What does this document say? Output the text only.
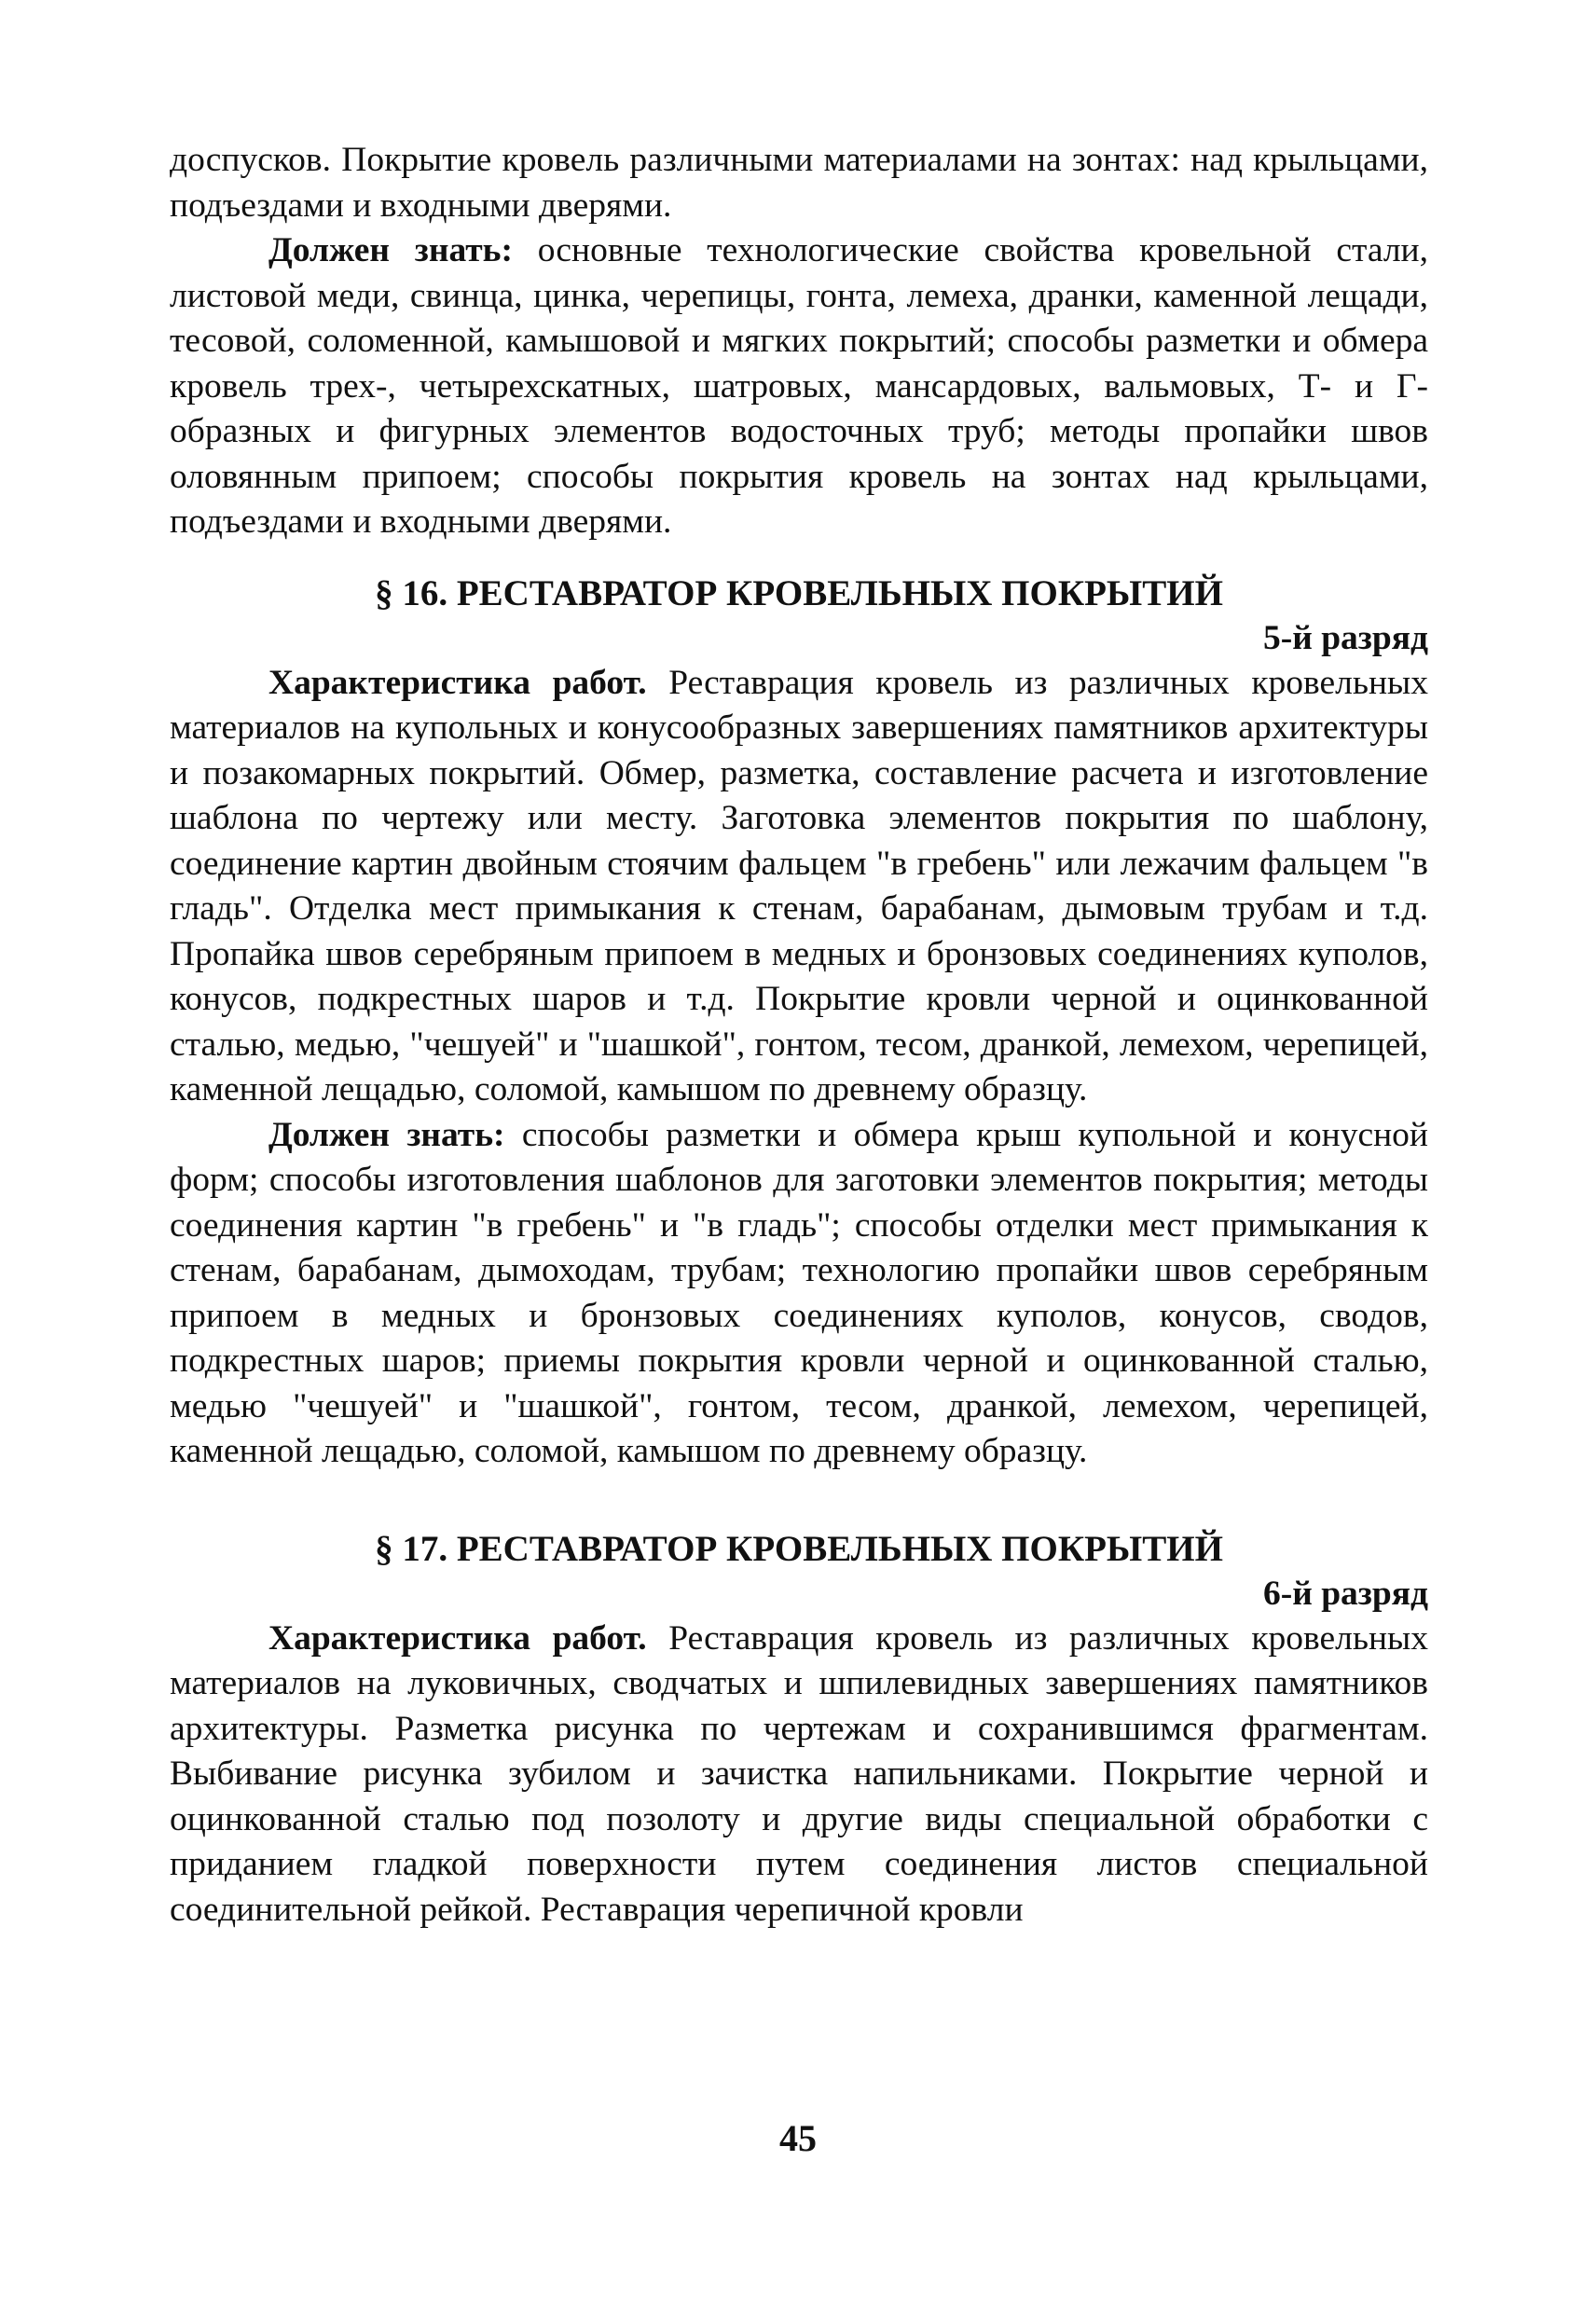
доспусков. Покрытие кровель различными материалами на зонтах: над крыльцами, подъездами и входными дверями.

Должен знать: основные технологические свойства кровельной стали, листовой меди, свинца, цинка, черепицы, гонта, лемеха, дранки, каменной лещади, тесовой, соломенной, камышовой и мягких покрытий; способы разметки и обмера кровель трех-, четырехскатных, шатровых, мансардовых, вальмовых, Т- и Г-образных и фигурных элементов водосточных труб; методы пропайки швов оловянным припоем; способы покрытия кровель на зонтах над крыльцами, подъездами и входными дверями.

§ 16. РЕСТАВРАТОР КРОВЕЛЬНЫХ ПОКРЫТИЙ

5-й разряд

Характеристика работ. Реставрация кровель из различных кровельных материалов на купольных и конусообразных завершениях памятников архитектуры и позакомарных покрытий. Обмер, разметка, составление расчета и изготовление шаблона по чертежу или месту. Заготовка элементов покрытия по шаблону, соединение картин двойным стоячим фальцем "в гребень" или лежачим фальцем "в гладь". Отделка мест примыкания к стенам, барабанам, дымовым трубам и т.д. Пропайка швов серебряным припоем в медных и бронзовых соединениях куполов, конусов, подкрестных шаров и т.д. Покрытие кровли черной и оцинкованной сталью, медью, "чешуей" и "шашкой", гонтом, тесом, дранкой, лемехом, черепицей, каменной лещадью, соломой, камышом по древнему образцу.

Должен знать: способы разметки и обмера крыш купольной и конусной форм; способы изготовления шаблонов для заготовки элементов покрытия; методы соединения картин "в гребень" и "в гладь"; способы отделки мест примыкания к стенам, барабанам, дымоходам, трубам; технологию пропайки швов серебряным припоем в медных и бронзовых соединениях куполов, конусов, сводов, подкрестных шаров; приемы покрытия кровли черной и оцинкованной сталью, медью "чешуей" и "шашкой", гонтом, тесом, дранкой, лемехом, черепицей, каменной лещадью, соломой, камышом по древнему образцу.

§ 17. РЕСТАВРАТОР КРОВЕЛЬНЫХ ПОКРЫТИЙ

6-й разряд

Характеристика работ. Реставрация кровель из различных кровельных материалов на луковичных, сводчатых и шпилевидных завершениях памятников архитектуры. Разметка рисунка по чертежам и сохранившимся фрагментам. Выбивание рисунка зубилом и зачистка напильниками. Покрытие черной и оцинкованной сталью под позолоту и другие виды специальной обработки с приданием гладкой поверхности путем соединения листов специальной соединительной рейкой. Реставрация черепичной кровли

45
